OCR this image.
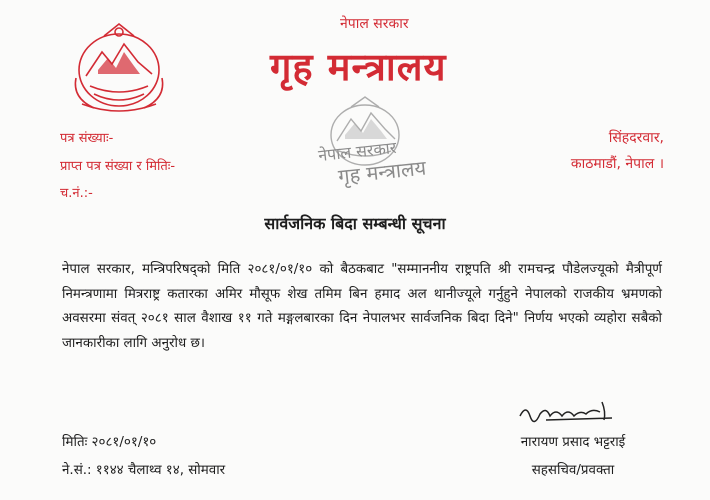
नेपाल सरकार
गृह मन्त्रालय
नेपाल सरकार
गृह मन्त्रालय
पत्र संख्याः-
प्राप्त पत्र संख्या र मितिः-
च.नं.:-
सिंहदरवार,
काठमाडौं, नेपाल ।
सार्वजनिक बिदा सम्बन्धी सूचना
नेपाल सरकार, मन्त्रिपरिषद्को मिति २०८१/०१/१० को बैठकबाट "सम्माननीय राष्ट्रपति श्री रामचन्द्र पौडेलज्यूको मैत्रीपूर्ण निमन्त्रणामा मित्रराष्ट्र कतारका अमिर मौसूफ शेख तमिम बिन हमाद अल थानीज्यूले गर्नुहुने नेपालको राजकीय भ्रमणको अवसरमा संवत् २०८१ साल वैशाख ११ गते मङ्गलबारका दिन नेपालभर सार्वजनिक बिदा दिने" निर्णय भएको व्यहोरा सबैको जानकारीका लागि अनुरोध छ।
मितिः २०८१/०१/१०
ने.सं.: ११४४ चैलाथ्व १४, सोमवार
नारायण प्रसाद भट्टराई
सहसचिव/प्रवक्ता
